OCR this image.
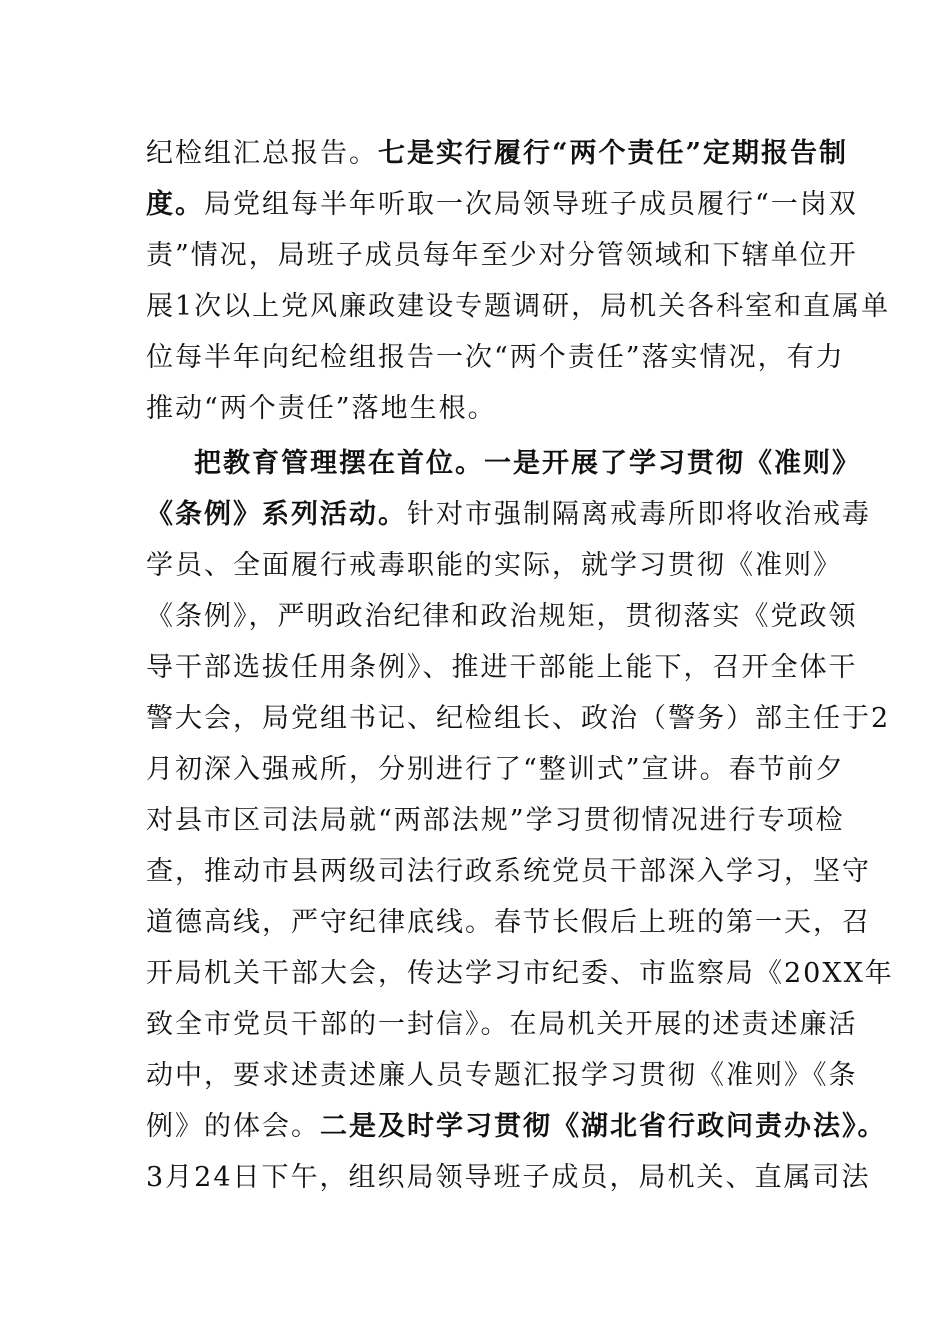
纪检组汇总报告。七是实行履行“两个责任”定期报告制
度。局党组每半年听取一次局领导班子成员履行“一岗双
责”情况，局班子成员每年至少对分管领域和下辖单位开
展1次以上党风廉政建设专题调研，局机关各科室和直属单
位每半年向纪检组报告一次“两个责任”落实情况，有力
推动“两个责任”落地生根。
把教育管理摆在首位。一是开展了学习贯彻《准则》
《条例》系列活动。针对市强制隔离戒毒所即将收治戒毒
学员、全面履行戒毒职能的实际，就学习贯彻《准则》
《条例》，严明政治纪律和政治规矩，贯彻落实《党政领
导干部选拔任用条例》、推进干部能上能下，召开全体干
警大会，局党组书记、纪检组长、政治（警务）部主任于2
月初深入强戒所，分别进行了“整训式”宣讲。春节前夕
对县市区司法局就“两部法规”学习贯彻情况进行专项检
查，推动市县两级司法行政系统党员干部深入学习，坚守
道德高线，严守纪律底线。春节长假后上班的第一天，召
开局机关干部大会，传达学习市纪委、市监察局《20XX年
致全市党员干部的一封信》。在局机关开展的述责述廉活
动中，要求述责述廉人员专题汇报学习贯彻《准则》《条
例》的体会。二是及时学习贯彻《湖北省行政问责办法》。
3月24日下午，组织局领导班子成员，局机关、直属司法
